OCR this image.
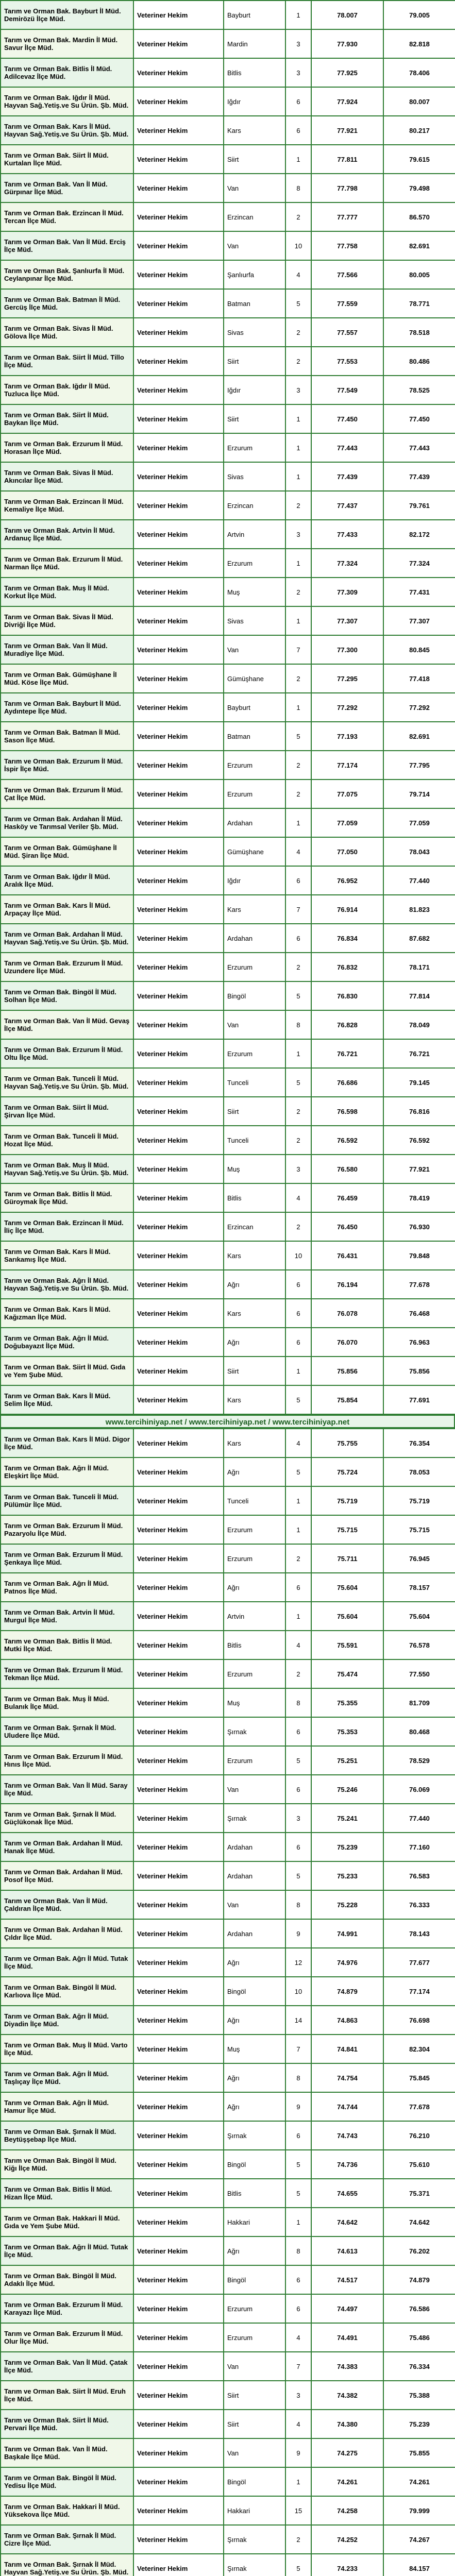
Tarım ve Orman Bak. Bayburt İl Müd. Demirözü İlçe Müd.	Veteriner Hekim	Bayburt	1	78.007	79.005
Tarım ve Orman Bak. Mardin İl Müd. Savur İlçe Müd.	Veteriner Hekim	Mardin	3	77.930	82.818
Tarım ve Orman Bak. Bitlis İl Müd. Adilcevaz İlçe Müd.	Veteriner Hekim	Bitlis	3	77.925	78.406
Tarım ve Orman Bak. Iğdır İl Müd. Hayvan Sağ.Yetiş.ve Su Ürün. Şb. Müd.	Veteriner Hekim	Iğdır	6	77.924	80.007
Tarım ve Orman Bak. Kars İl Müd. Hayvan Sağ.Yetiş.ve Su Ürün. Şb. Müd.	Veteriner Hekim	Kars	6	77.921	80.217
Tarım ve Orman Bak. Siirt İl Müd. Kurtalan İlçe Müd.	Veteriner Hekim	Siirt	1	77.811	79.615
Tarım ve Orman Bak. Van İl Müd. Gürpınar İlçe Müd.	Veteriner Hekim	Van	8	77.798	79.498
Tarım ve Orman Bak. Erzincan İl Müd. Tercan İlçe Müd.	Veteriner Hekim	Erzincan	2	77.777	86.570
Tarım ve Orman Bak. Van İl Müd. Erciş İlçe Müd.	Veteriner Hekim	Van	10	77.758	82.691
Tarım ve Orman Bak. Şanlıurfa İl Müd. Ceylanpınar İlçe Müd.	Veteriner Hekim	Şanlıurfa	4	77.566	80.005
Tarım ve Orman Bak. Batman İl Müd. Gercüş İlçe Müd.	Veteriner Hekim	Batman	5	77.559	78.771
Tarım ve Orman Bak. Sivas İl Müd. Gölova İlçe Müd.	Veteriner Hekim	Sivas	2	77.557	78.518
Tarım ve Orman Bak. Siirt İl Müd. Tillo İlçe Müd.	Veteriner Hekim	Siirt	2	77.553	80.486
Tarım ve Orman Bak. Iğdır İl Müd. Tuzluca İlçe Müd.	Veteriner Hekim	Iğdır	3	77.549	78.525
Tarım ve Orman Bak. Siirt İl Müd. Baykan İlçe Müd.	Veteriner Hekim	Siirt	1	77.450	77.450
Tarım ve Orman Bak. Erzurum İl Müd. Horasan İlçe Müd.	Veteriner Hekim	Erzurum	1	77.443	77.443
Tarım ve Orman Bak. Sivas İl Müd. Akıncılar İlçe Müd.	Veteriner Hekim	Sivas	1	77.439	77.439
Tarım ve Orman Bak. Erzincan İl Müd. Kemaliye İlçe Müd.	Veteriner Hekim	Erzincan	2	77.437	79.761
Tarım ve Orman Bak. Artvin İl Müd. Ardanuç İlçe Müd.	Veteriner Hekim	Artvin	3	77.433	82.172
Tarım ve Orman Bak. Erzurum İl Müd. Narman İlçe Müd.	Veteriner Hekim	Erzurum	1	77.324	77.324
Tarım ve Orman Bak. Muş İl Müd. Korkut İlçe Müd.	Veteriner Hekim	Muş	2	77.309	77.431
Tarım ve Orman Bak. Sivas İl Müd. Divriği İlçe Müd.	Veteriner Hekim	Sivas	1	77.307	77.307
Tarım ve Orman Bak. Van İl Müd. Muradiye İlçe Müd.	Veteriner Hekim	Van	7	77.300	80.845
Tarım ve Orman Bak. Gümüşhane İl Müd. Köse İlçe Müd.	Veteriner Hekim	Gümüşhane	2	77.295	77.418
Tarım ve Orman Bak. Bayburt İl Müd. Aydıntepe İlçe Müd.	Veteriner Hekim	Bayburt	1	77.292	77.292
Tarım ve Orman Bak. Batman İl Müd. Sason İlçe Müd.	Veteriner Hekim	Batman	5	77.193	82.691
Tarım ve Orman Bak. Erzurum İl Müd. İspir İlçe Müd.	Veteriner Hekim	Erzurum	2	77.174	77.795
Tarım ve Orman Bak. Erzurum İl Müd. Çat İlçe Müd.	Veteriner Hekim	Erzurum	2	77.075	79.714
Tarım ve Orman Bak. Ardahan İl Müd. Hasköy ve Tarımsal Veriler Şb. Müd.	Veteriner Hekim	Ardahan	1	77.059	77.059
Tarım ve Orman Bak. Gümüşhane İl Müd. Şiran İlçe Müd.	Veteriner Hekim	Gümüşhane	4	77.050	78.043
Tarım ve Orman Bak. Iğdır İl Müd. Aralık İlçe Müd.	Veteriner Hekim	Iğdır	6	76.952	77.440
Tarım ve Orman Bak. Kars İl Müd. Arpaçay İlçe Müd.	Veteriner Hekim	Kars	7	76.914	81.823
Tarım ve Orman Bak. Ardahan İl Müd. Hayvan Sağ.Yetiş.ve Su Ürün. Şb. Müd.	Veteriner Hekim	Ardahan	6	76.834	87.682
Tarım ve Orman Bak. Erzurum İl Müd. Uzundere İlçe Müd.	Veteriner Hekim	Erzurum	2	76.832	78.171
Tarım ve Orman Bak. Bingöl İl Müd. Solhan İlçe Müd.	Veteriner Hekim	Bingöl	5	76.830	77.814
Tarım ve Orman Bak. Van İl Müd. Gevaş İlçe Müd.	Veteriner Hekim	Van	8	76.828	78.049
Tarım ve Orman Bak. Erzurum İl Müd. Oltu İlçe Müd.	Veteriner Hekim	Erzurum	1	76.721	76.721
Tarım ve Orman Bak. Tunceli İl Müd. Hayvan Sağ.Yetiş.ve Su Ürün. Şb. Müd.	Veteriner Hekim	Tunceli	5	76.686	79.145
Tarım ve Orman Bak. Siirt İl Müd. Şirvan İlçe Müd.	Veteriner Hekim	Siirt	2	76.598	76.816
Tarım ve Orman Bak. Tunceli İl Müd. Hozat İlçe Müd.	Veteriner Hekim	Tunceli	2	76.592	76.592
Tarım ve Orman Bak. Muş İl Müd. Hayvan Sağ.Yetiş.ve Su Ürün. Şb. Müd.	Veteriner Hekim	Muş	3	76.580	77.921
Tarım ve Orman Bak. Bitlis İl Müd. Güroymak İlçe Müd.	Veteriner Hekim	Bitlis	4	76.459	78.419
Tarım ve Orman Bak. Erzincan İl Müd. İliç İlçe Müd.	Veteriner Hekim	Erzincan	2	76.450	76.930
Tarım ve Orman Bak. Kars İl Müd. Sarıkamış İlçe Müd.	Veteriner Hekim	Kars	10	76.431	79.848
Tarım ve Orman Bak. Ağrı İl Müd. Hayvan Sağ.Yetiş.ve Su Ürün. Şb. Müd.	Veteriner Hekim	Ağrı	6	76.194	77.678
Tarım ve Orman Bak. Kars İl Müd. Kağızman İlçe Müd.	Veteriner Hekim	Kars	6	76.078	76.468
Tarım ve Orman Bak. Ağrı İl Müd. Doğubayazıt İlçe Müd.	Veteriner Hekim	Ağrı	6	76.070	76.963
Tarım ve Orman Bak. Siirt İl Müd. Gıda ve Yem Şube Müd.	Veteriner Hekim	Siirt	1	75.856	75.856
Tarım ve Orman Bak. Kars İl Müd. Selim İlçe Müd.	Veteriner Hekim	Kars	5	75.854	77.691
www.tercihiniyap.net / www.tercihiniyap.net / www.tercihiniyap.net
Tarım ve Orman Bak. Kars İl Müd. Digor İlçe Müd.	Veteriner Hekim	Kars	4	75.755	76.354
Tarım ve Orman Bak. Ağrı İl Müd. Eleşkirt İlçe Müd.	Veteriner Hekim	Ağrı	5	75.724	78.053
Tarım ve Orman Bak. Tunceli İl Müd. Pülümür İlçe Müd.	Veteriner Hekim	Tunceli	1	75.719	75.719
Tarım ve Orman Bak. Erzurum İl Müd. Pazaryolu İlçe Müd.	Veteriner Hekim	Erzurum	1	75.715	75.715
Tarım ve Orman Bak. Erzurum İl Müd. Şenkaya İlçe Müd.	Veteriner Hekim	Erzurum	2	75.711	76.945
Tarım ve Orman Bak. Ağrı İl Müd. Patnos İlçe Müd.	Veteriner Hekim	Ağrı	6	75.604	78.157
Tarım ve Orman Bak. Artvin İl Müd. Murgul İlçe Müd.	Veteriner Hekim	Artvin	1	75.604	75.604
Tarım ve Orman Bak. Bitlis İl Müd. Mutki İlçe Müd.	Veteriner Hekim	Bitlis	4	75.591	76.578
Tarım ve Orman Bak. Erzurum İl Müd. Tekman İlçe Müd.	Veteriner Hekim	Erzurum	2	75.474	77.550
Tarım ve Orman Bak. Muş İl Müd. Bulanık İlçe Müd.	Veteriner Hekim	Muş	8	75.355	81.709
Tarım ve Orman Bak. Şırnak İl Müd. Uludere İlçe Müd.	Veteriner Hekim	Şırnak	6	75.353	80.468
Tarım ve Orman Bak. Erzurum İl Müd. Hınıs İlçe Müd.	Veteriner Hekim	Erzurum	5	75.251	78.529
Tarım ve Orman Bak. Van İl Müd. Saray İlçe Müd.	Veteriner Hekim	Van	6	75.246	76.069
Tarım ve Orman Bak. Şırnak İl Müd. Güçlükonak İlçe Müd.	Veteriner Hekim	Şırnak	3	75.241	77.440
Tarım ve Orman Bak. Ardahan İl Müd. Hanak İlçe Müd.	Veteriner Hekim	Ardahan	6	75.239	77.160
Tarım ve Orman Bak. Ardahan İl Müd. Posof İlçe Müd.	Veteriner Hekim	Ardahan	5	75.233	76.583
Tarım ve Orman Bak. Van İl Müd. Çaldıran İlçe Müd.	Veteriner Hekim	Van	8	75.228	76.333
Tarım ve Orman Bak. Ardahan İl Müd. Çıldır İlçe Müd.	Veteriner Hekim	Ardahan	9	74.991	78.143
Tarım ve Orman Bak. Ağrı İl Müd. Tutak İlçe Müd.	Veteriner Hekim	Ağrı	12	74.976	77.677
Tarım ve Orman Bak. Bingöl İl Müd. Karlıova İlçe Müd.	Veteriner Hekim	Bingöl	10	74.879	77.174
Tarım ve Orman Bak. Ağrı İl Müd. Diyadin İlçe Müd.	Veteriner Hekim	Ağrı	14	74.863	76.698
Tarım ve Orman Bak. Muş İl Müd. Varto İlçe Müd.	Veteriner Hekim	Muş	7	74.841	82.304
Tarım ve Orman Bak. Ağrı İl Müd. Taşlıçay İlçe Müd.	Veteriner Hekim	Ağrı	8	74.754	75.845
Tarım ve Orman Bak. Ağrı İl Müd. Hamur İlçe Müd.	Veteriner Hekim	Ağrı	9	74.744	77.678
Tarım ve Orman Bak. Şırnak İl Müd. Beytüşşebap İlçe Müd.	Veteriner Hekim	Şırnak	6	74.743	76.210
Tarım ve Orman Bak. Bingöl İl Müd. Kiğı İlçe Müd.	Veteriner Hekim	Bingöl	5	74.736	75.610
Tarım ve Orman Bak. Bitlis İl Müd. Hizan İlçe Müd.	Veteriner Hekim	Bitlis	5	74.655	75.371
Tarım ve Orman Bak. Hakkari İl Müd. Gıda ve Yem Şube Müd.	Veteriner Hekim	Hakkari	1	74.642	74.642
Tarım ve Orman Bak. Ağrı İl Müd. Tutak İlçe Müd.	Veteriner Hekim	Ağrı	8	74.613	76.202
Tarım ve Orman Bak. Bingöl İl Müd. Adaklı İlçe Müd.	Veteriner Hekim	Bingöl	6	74.517	74.879
Tarım ve Orman Bak. Erzurum İl Müd. Karayazı İlçe Müd.	Veteriner Hekim	Erzurum	6	74.497	76.586
Tarım ve Orman Bak. Erzurum İl Müd. Olur İlçe Müd.	Veteriner Hekim	Erzurum	4	74.491	75.486
Tarım ve Orman Bak. Van İl Müd. Çatak İlçe Müd.	Veteriner Hekim	Van	7	74.383	76.334
Tarım ve Orman Bak. Siirt İl Müd. Eruh İlçe Müd.	Veteriner Hekim	Siirt	3	74.382	75.388
Tarım ve Orman Bak. Siirt İl Müd. Pervari İlçe Müd.	Veteriner Hekim	Siirt	4	74.380	75.239
Tarım ve Orman Bak. Van İl Müd. Başkale İlçe Müd.	Veteriner Hekim	Van	9	74.275	75.855
Tarım ve Orman Bak. Bingöl İl Müd. Yedisu İlçe Müd.	Veteriner Hekim	Bingöl	1	74.261	74.261
Tarım ve Orman Bak. Hakkari İl Müd. Yüksekova İlçe Müd.	Veteriner Hekim	Hakkari	15	74.258	79.999
Tarım ve Orman Bak. Şırnak İl Müd. Cizre İlçe Müd.	Veteriner Hekim	Şırnak	2	74.252	74.267
Tarım ve Orman Bak. Şırnak İl Müd. Hayvan Sağ.Yetiş.ve Su Ürün. Şb. Müd.	Veteriner Hekim	Şırnak	5	74.233	84.157
